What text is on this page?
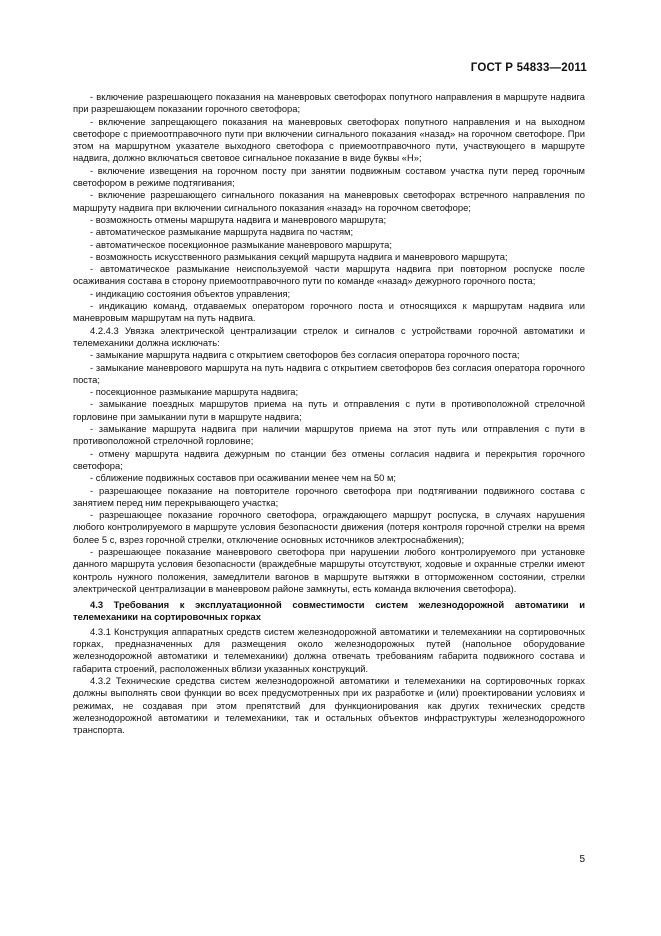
ГОСТ Р 54833—2011

- включение разрешающего показания на маневровых светофорах попутного направления в маршруте надвига при разрешающем показании горочного светофора;

- включение запрещающего показания на маневровых светофорах попутного направления и на выходном светофоре с приемоотправочного пути при включении сигнального показания «назад» на горочном светофоре. При этом на маршрутном указателе выходного светофора с приемоотправочного пути, участвующего в маршруте надвига, должно включаться световое сигнальное показание в виде буквы «Н»;

- включение извещения на горочном посту при занятии подвижным составом участка пути перед горочным светофором в режиме подтягивания;

- включение разрешающего сигнального показания на маневровых светофорах встречного направления по маршруту надвига при включении сигнального показания «назад» на горочном светофоре;

- возможность отмены маршрута надвига и маневрового маршрута;

- автоматическое размыкание маршрута надвига по частям;

- автоматическое посекционное размыкание маневрового маршрута;

- возможность искусственного размыкания секций маршрута надвига и маневрового маршрута;

- автоматическое размыкание неиспользуемой части маршрута надвига при повторном роспуске после осаживания состава в сторону приемоотправочного пути по команде «назад» дежурного горочного поста;

- индикацию состояния объектов управления;

- индикацию команд, отдаваемых оператором горочного поста и относящихся к маршрутам надвига или маневровым маршрутам на путь надвига.

4.2.4.3 Увязка электрической централизации стрелок и сигналов с устройствами горочной автоматики и телемеханики должна исключать:

- замыкание маршрута надвига с открытием светофоров без согласия оператора горочного поста;

- замыкание маневрового маршрута на путь надвига с открытием светофоров без согласия оператора горочного поста;

- посекционное размыкание маршрута надвига;

- замыкание поездных маршрутов приема на путь и отправления с пути в противоположной стрелочной горловине при замыкании пути в маршруте надвига;

- замыкание маршрута надвига при наличии маршрутов приема на этот путь или отправления с пути в противоположной стрелочной горловине;

- отмену маршрута надвига дежурным по станции без отмены согласия надвига и перекрытия горочного светофора;

- сближение подвижных составов при осаживании менее чем на 50 м;

- разрешающее показание на повторителе горочного светофора при подтягивании подвижного состава с занятием перед ним перекрывающего участка;

- разрешающее показание горочного светофора, ограждающего маршрут роспуска, в случаях нарушения любого контролируемого в маршруте условия безопасности движения (потеря контроля горочной стрелки на время более 5 с, взрез горочной стрелки, отключение основных источников электроснабжения);

- разрешающее показание маневрового светофора при нарушении любого контролируемого при установке данного маршрута условия безопасности (враждебные маршруты отсутствуют, ходовые и охранные стрелки имеют контроль нужного положения, замедлители вагонов в маршруте вытяжки в отторможенном состоянии, стрелки электрической централизации в маневровом районе замкнуты, есть команда включения светофора).

4.3 Требования к эксплуатационной совместимости систем железнодорожной автоматики и телемеханики на сортировочных горках

4.3.1 Конструкция аппаратных средств систем железнодорожной автоматики и телемеханики на сортировочных горках, предназначенных для размещения около железнодорожных путей (напольное оборудование железнодорожной автоматики и телемеханики) должна отвечать требованиям габарита подвижного состава и габарита строений, расположенных вблизи указанных конструкций.

4.3.2 Технические средства систем железнодорожной автоматики и телемеханики на сортировочных горках должны выполнять свои функции во всех предусмотренных при их разработке и (или) проектировании условиях и режимах, не создавая при этом препятствий для функционирования как других технических средств железнодорожной автоматики и телемеханики, так и остальных объектов инфраструктуры железнодорожного транспорта.

5
